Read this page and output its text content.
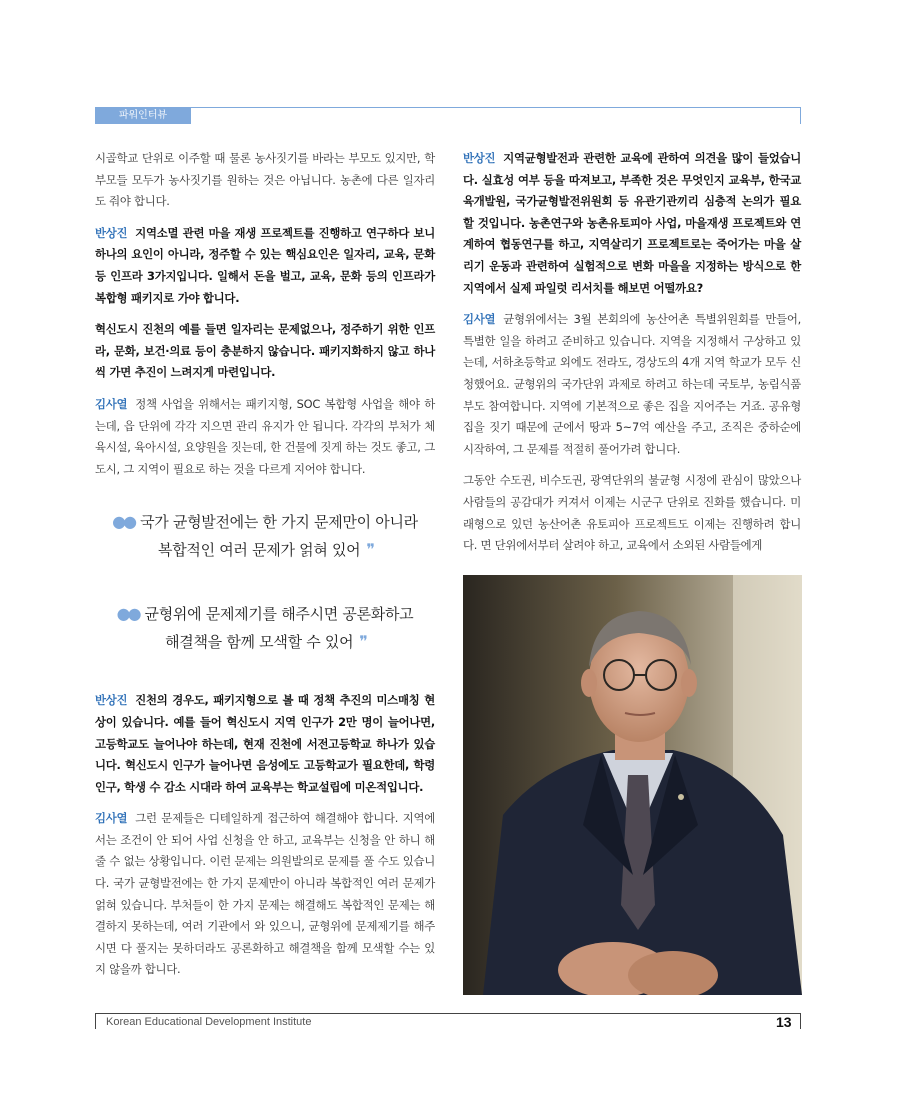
파워인터뷰

시골학교 단위로 이주할 때 물론 농사짓기를 바라는 부모도 있지만, 학부모들 모두가 농사짓기를 원하는 것은 아닙니다. 농촌에 다른 일자리도 줘야 합니다.

반상진 지역소멸 관련 마을 재생 프로젝트를 진행하고 연구하다 보니 하나의 요인이 아니라, 정주할 수 있는 핵심요인은 일자리, 교육, 문화 등 인프라 3가지입니다. 일해서 돈을 벌고, 교육, 문화 등의 인프라가 복합형 패키지로 가야 합니다.

혁신도시 진천의 예를 들면 일자리는 문제없으나, 정주하기 위한 인프라, 문화, 보건·의료 등이 충분하지 않습니다. 패키지화하지 않고 하나씩 가면 추진이 느려지게 마련입니다.

김사열 정책 사업을 위해서는 패키지형, SOC 복합형 사업을 해야 하는데, 읍 단위에 각각 지으면 관리 유지가 안 됩니다. 각각의 부처가 체육시설, 육아시설, 요양원을 짓는데, 한 건물에 짓게 하는 것도 좋고, 그 도시, 그 지역이 필요로 하는 것을 다르게 지어야 합니다.

●● 국가 균형발전에는 한 가지 문제만이 아니라
복합적인 여러 문제가 얽혀 있어 ❞
●● 균형위에 문제제기를 해주시면 공론화하고
해결책을 함께 모색할 수 있어 ❞

반상진 진천의 경우도, 패키지형으로 볼 때 정책 추진의 미스매칭 현상이 있습니다. 예를 들어 혁신도시 지역 인구가 2만 명이 늘어나면, 고등학교도 늘어나야 하는데, 현재 진천에 서전고등학교 하나가 있습니다. 혁신도시 인구가 늘어나면 음성에도 고등학교가 필요한데, 학령인구, 학생 수 감소 시대라 하여 교육부는 학교설립에 미온적입니다.

김사열 그런 문제들은 디테일하게 접근하여 해결해야 합니다. 지역에서는 조건이 안 되어 사업 신청을 안 하고, 교육부는 신청을 안 하니 해줄 수 없는 상황입니다. 이런 문제는 의원발의로 문제를 풀 수도 있습니다. 국가 균형발전에는 한 가지 문제만이 아니라 복합적인 여러 문제가 얽혀 있습니다. 부처들이 한 가지 문제는 해결해도 복합적인 문제는 해결하지 못하는데, 여러 기관에서 와 있으니, 균형위에 문제제기를 해주시면 다 풀지는 못하더라도 공론화하고 해결책을 함께 모색할 수는 있지 않을까 합니다.

반상진 지역균형발전과 관련한 교육에 관하여 의견을 많이 들었습니다. 실효성 여부 등을 따져보고, 부족한 것은 무엇인지 교육부, 한국교육개발원, 국가균형발전위원회 등 유관기관끼리 심층적 논의가 필요할 것입니다. 농촌연구와 농촌유토피아 사업, 마을재생 프로젝트와 연계하여 협동연구를 하고, 지역살리기 프로젝트로는 죽어가는 마을 살리기 운동과 관련하여 실험적으로 변화 마을을 지정하는 방식으로 한 지역에서 실제 파일럿 리서치를 해보면 어떨까요?

김사열 균형위에서는 3월 본회의에 농산어촌 특별위원회를 만들어, 특별한 일을 하려고 준비하고 있습니다. 지역을 지정해서 구상하고 있는데, 서하초등학교 외에도 전라도, 경상도의 4개 지역 학교가 모두 신청했어요. 균형위의 국가단위 과제로 하려고 하는데 국토부, 농림식품부도 참여합니다. 지역에 기본적으로 좋은 집을 지어주는 거죠. 공유형 집을 짓기 때문에 군에서 땅과 5~7억 예산을 주고, 조직은 중하순에 시작하여, 그 문제를 적절히 풀어가려 합니다.

그동안 수도권, 비수도권, 광역단위의 불균형 시정에 관심이 많았으나 사람들의 공감대가 커져서 이제는 시군구 단위로 진화를 했습니다. 미래형으로 있던 농산어촌 유토피아 프로젝트도 이제는 진행하려 합니다. 면 단위에서부터 살려야 하고, 교육에서 소외된 사람들에게

Korean Educational Development Institute	13
